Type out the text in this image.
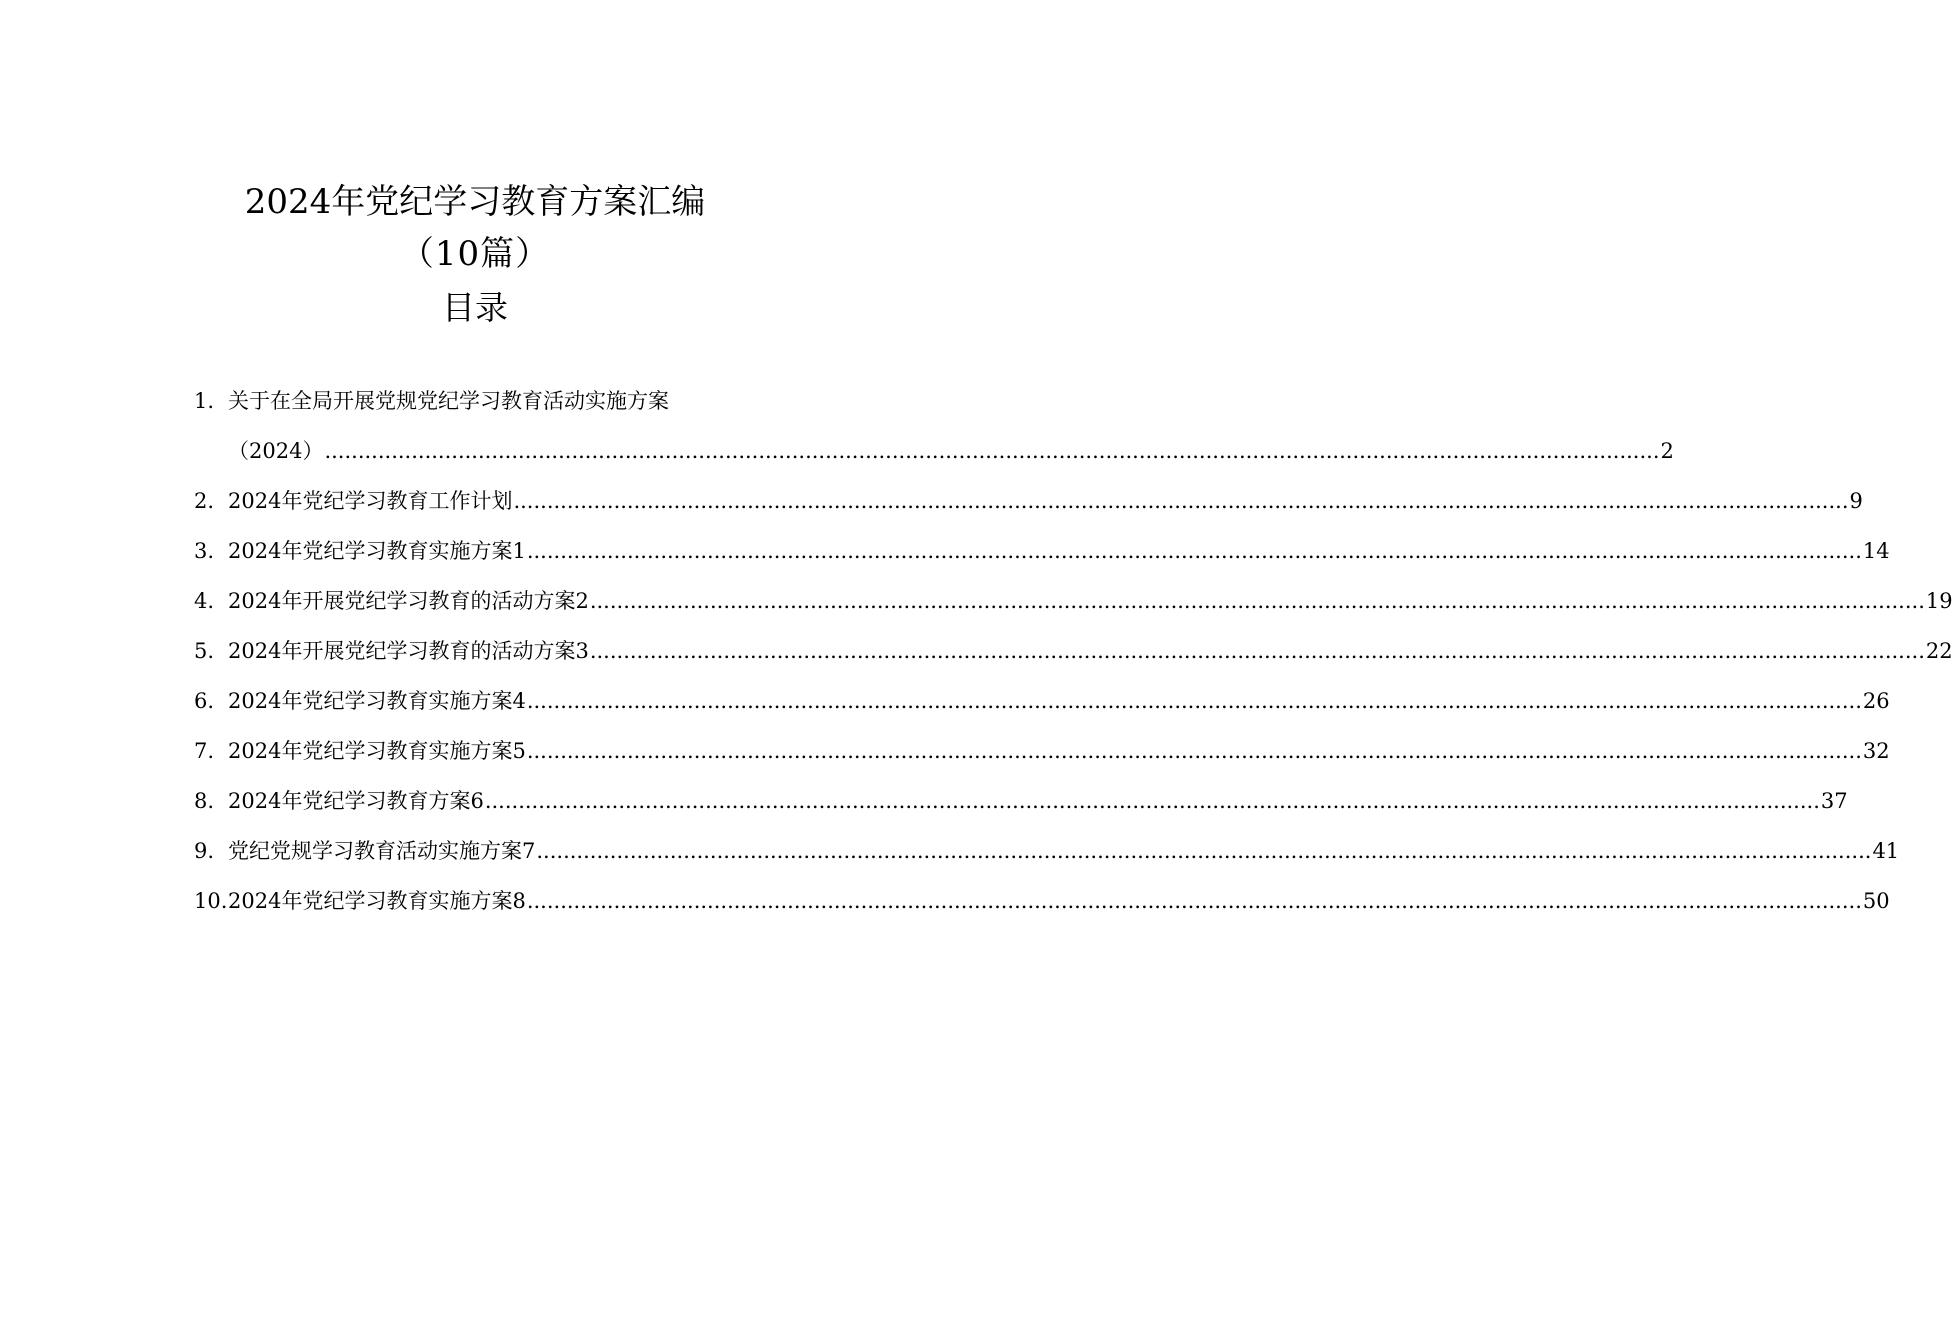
2024年党纪学习教育方案汇编
（10篇）
目录
1. 关于在全局开展党规党纪学习教育活动实施方案
（2024） ........................................................................................................................................................................................................ 2
2. 2024年党纪学习教育工作计划 ........................................................................................................................................................................................................ 9
3. 2024年党纪学习教育实施方案1 ........................................................................................................................................................................................................ 14
4. 2024年开展党纪学习教育的活动方案2 ........................................................................................................................................................................................................ 19
5. 2024年开展党纪学习教育的活动方案3 ........................................................................................................................................................................................................ 22
6. 2024年党纪学习教育实施方案4 ........................................................................................................................................................................................................ 26
7. 2024年党纪学习教育实施方案5 ........................................................................................................................................................................................................ 32
8. 2024年党纪学习教育方案6 ........................................................................................................................................................................................................ 37
9. 党纪党规学习教育活动实施方案7 ........................................................................................................................................................................................................ 41
10. 2024年党纪学习教育实施方案8 ........................................................................................................................................................................................................ 50
